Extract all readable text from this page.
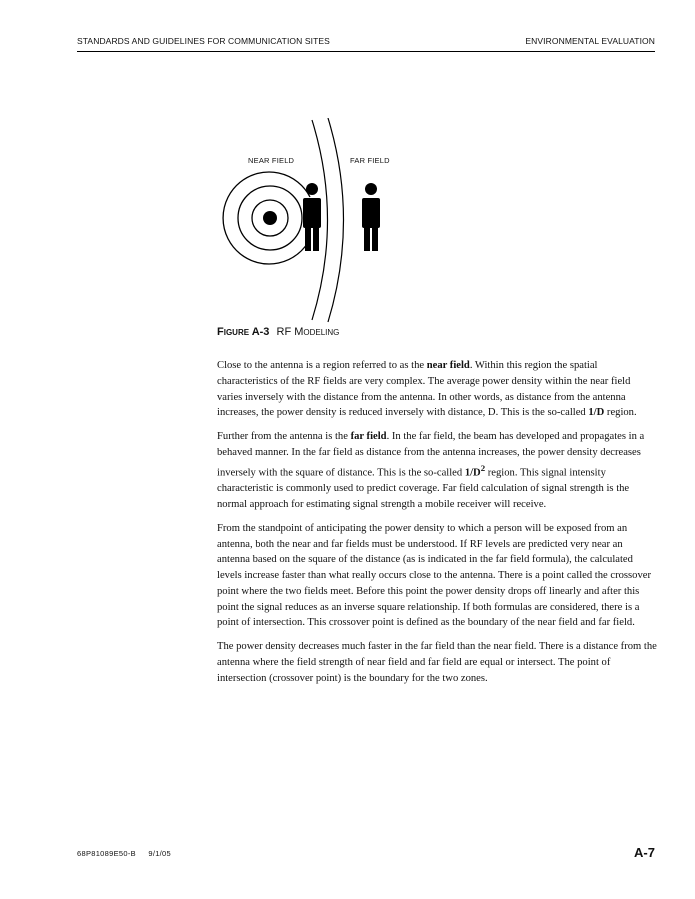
STANDARDS AND GUIDELINES FOR COMMUNICATION SITES	ENVIRONMENTAL EVALUATION
NEAR FIELD	FAR FIELD
Figure A-3 RF Modeling

Close to the antenna is a region referred to as the near field. Within this region the spatial characteristics of the RF fields are very complex. The average power density within the near field varies inversely with the distance from the antenna. In other words, as distance from the antenna increases, the power density is reduced inversely with distance, D. This is the so-called 1/D region.

Further from the antenna is the far field. In the far field, the beam has developed and propagates in a behaved manner. In the far field as distance from the antenna increases, the power density decreases inversely with the square of distance. This is the so-called $1/D^2$ region. This signal intensity characteristic is commonly used to predict coverage. Far field calculation of signal strength is the normal approach for estimating signal strength a mobile receiver will receive.

From the standpoint of anticipating the power density to which a person will be exposed from an antenna, both the near and far fields must be understood. If RF levels are predicted very near an antenna based on the square of the distance (as is indicated in the far field formula), the calculated levels increase faster than what really occurs close to the antenna. There is a point called the crossover point where the two fields meet. Before this point the power density drops off linearly and after this point the signal reduces as an inverse square relationship. If both formulas are considered, there is a point of intersection. This crossover point is defined as the boundary of the near field and far field.

The power density decreases much faster in the far field than the near field. There is a distance from the antenna where the field strength of near field and far field are equal or intersect. The point of intersection (crossover point) is the boundary for the two zones.

68P81089E50-B 9/1/05	A-7
